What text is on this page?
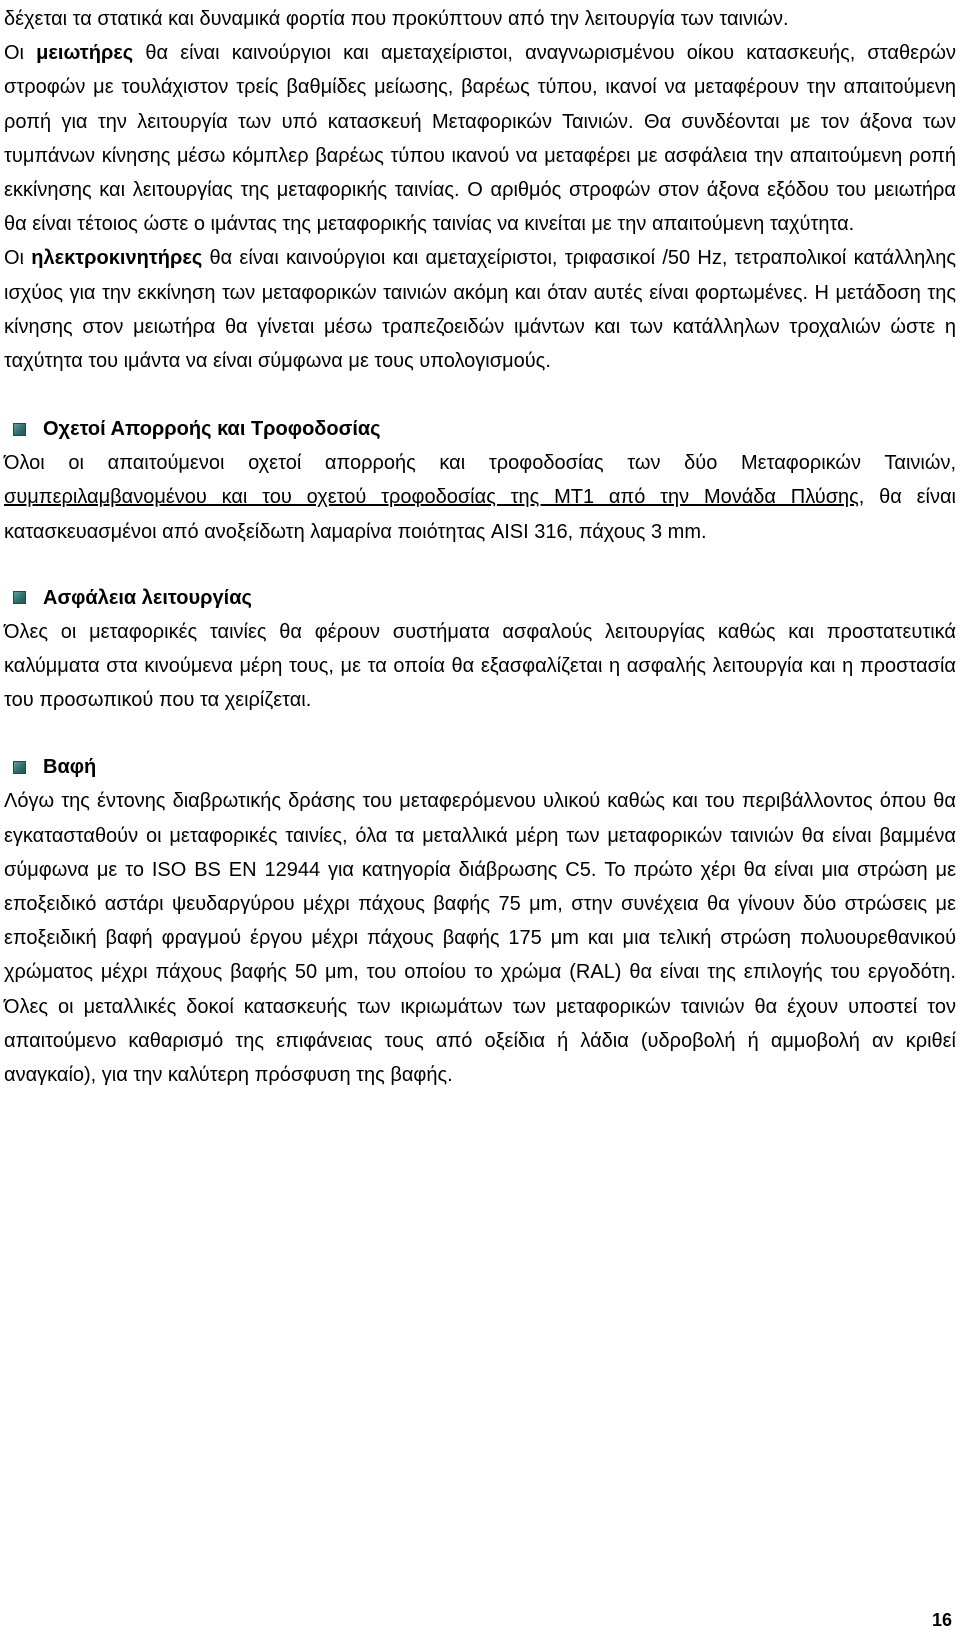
δέχεται τα στατικά και δυναμικά φορτία που προκύπτουν από την λειτουργία των ταινιών.

Οι μειωτήρες θα είναι καινούργιοι και αμεταχείριστοι, αναγνωρισμένου οίκου κατασκευής, σταθερών στροφών με τουλάχιστον τρείς βαθμίδες μείωσης, βαρέως τύπου, ικανοί να μεταφέρουν την απαιτούμενη ροπή για την λειτουργία των υπό κατασκευή Μεταφορικών Ταινιών. Θα συνδέονται με τον άξονα των τυμπάνων κίνησης μέσω κόμπλερ βαρέως τύπου ικανού να μεταφέρει με ασφάλεια την απαιτούμενη ροπή εκκίνησης και λειτουργίας της μεταφορικής ταινίας. Ο αριθμός στροφών στον άξονα εξόδου του μειωτήρα θα είναι τέτοιος ώστε ο ιμάντας της μεταφορικής ταινίας να κινείται με την απαιτούμενη ταχύτητα.

Οι ηλεκτροκινητήρες θα είναι καινούργιοι και αμεταχείριστοι, τριφασικοί /50 Hz, τετραπολικοί κατάλληλης ισχύος για την εκκίνηση των μεταφορικών ταινιών ακόμη και όταν αυτές είναι φορτωμένες. Η μετάδοση της κίνησης στον μειωτήρα θα γίνεται μέσω τραπεζοειδών ιμάντων και των κατάλληλων τροχαλιών ώστε η ταχύτητα του ιμάντα να είναι σύμφωνα με τους υπολογισμούς.

Οχετοί Απορροής και Τροφοδοσίας

Όλοι οι απαιτούμενοι οχετοί απορροής και τροφοδοσίας των δύο Μεταφορικών Ταινιών, συμπεριλαμβανομένου και του οχετού τροφοδοσίας της ΜΤ1 από την Μονάδα Πλύσης, θα είναι κατασκευασμένοι από ανοξείδωτη λαμαρίνα ποιότητας AISI 316, πάχους 3 mm.

Ασφάλεια λειτουργίας

Όλες οι μεταφορικές ταινίες θα φέρουν συστήματα ασφαλούς λειτουργίας καθώς και προστατευτικά καλύμματα στα κινούμενα μέρη τους, με τα οποία θα εξασφαλίζεται η ασφαλής λειτουργία και η προστασία του προσωπικού που τα χειρίζεται.

Βαφή

Λόγω της έντονης διαβρωτικής δράσης του μεταφερόμενου υλικού καθώς και του περιβάλλοντος όπου θα εγκατασταθούν οι μεταφορικές ταινίες, όλα τα μεταλλικά μέρη των μεταφορικών ταινιών θα είναι βαμμένα σύμφωνα με το ISO BS EN 12944 για κατηγορία διάβρωσης C5. Το πρώτο χέρι θα είναι μια στρώση με εποξειδικό αστάρι ψευδαργύρου μέχρι πάχους βαφής 75 μm, στην συνέχεια θα γίνουν δύο στρώσεις με εποξειδική βαφή φραγμού έργου μέχρι πάχους βαφής 175 μm και μια τελική στρώση πολυουρεθανικού χρώματος μέχρι πάχους βαφής 50 μm, του οποίου το χρώμα (RAL) θα είναι της επιλογής του εργοδότη. Όλες οι μεταλλικές δοκοί κατασκευής των ικριωμάτων των μεταφορικών ταινιών θα έχουν υποστεί τον απαιτούμενο καθαρισμό της επιφάνειας τους από οξείδια ή λάδια (υδροβολή ή αμμοβολή αν κριθεί αναγκαίο), για την καλύτερη πρόσφυση της βαφής.

16
